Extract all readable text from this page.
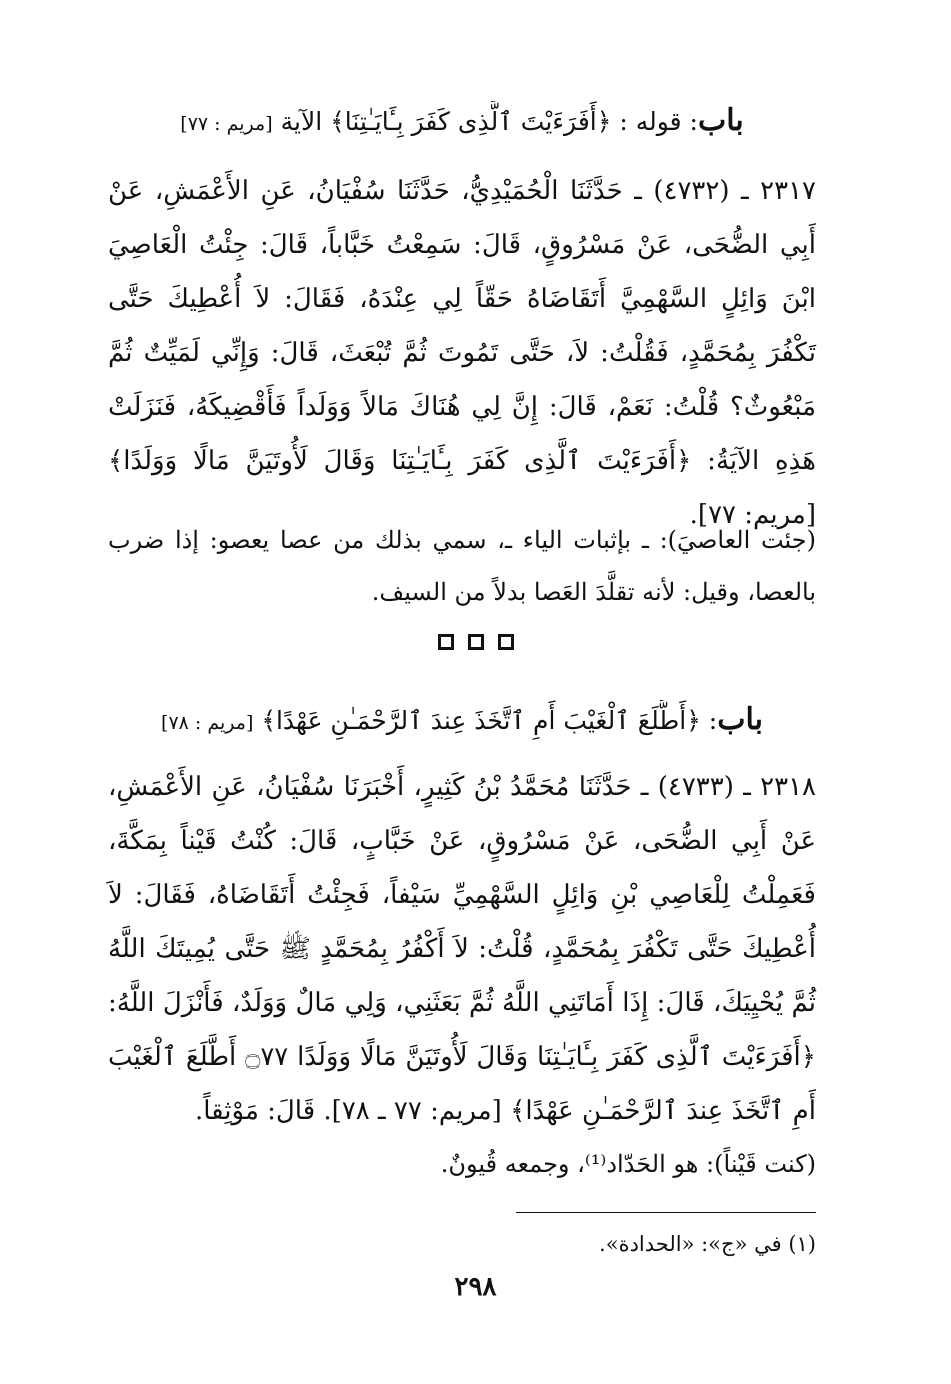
باب: قوله : ﴿أَفَرَءَيْتَ ٱلَّذِى كَفَرَ بِـَٔايَـٰتِنَا﴾ الآية [مريم : ٧٧]
٢٣١٧ ـ (٤٧٣٢) ـ حَدَّثَنَا الْحُمَيْدِيُّ، حَدَّثَنَا سُفْيَانُ، عَنِ الأَعْمَشِ، عَنْ أَبِي الضُّحَى، عَنْ مَسْرُوقٍ، قَالَ: سَمِعْتُ خَبَّاباً، قَالَ: جِئْتُ الْعَاصِيَ ابْنَ وَائِلٍ السَّهْمِيَّ أَتَقَاضَاهُ حَقّاً لِي عِنْدَهُ، فَقَالَ: لاَ أُعْطِيكَ حَتَّى تَكْفُرَ بِمُحَمَّدٍ، فَقُلْتُ: لاَ، حَتَّى تَمُوتَ ثُمَّ تُبْعَثَ، قَالَ: وَإِنِّي لَمَيِّتٌ ثُمَّ مَبْعُوثٌ؟ قُلْتُ: نَعَمْ، قَالَ: إِنَّ لِي هُنَاكَ مَالاً وَوَلَداً فَأَقْضِيكَهُ، فَنَزَلَتْ هَذِهِ الآيَةُ: ﴿أَفَرَءَيْتَ ٱلَّذِى كَفَرَ بِـَٔايَـٰتِنَا وَقَالَ لَأُوتَيَنَّ مَالًا وَوَلَدًا﴾ [مريم: ٧٧].
(جئت العاصيَ): ـ بإثبات الياء ـ، سمي بذلك من عصا يعصو: إذا ضرب بالعصا، وقيل: لأنه تقلَّدَ العَصا بدلاً من السيف.
باب: ﴿أَطَّلَعَ ٱلْغَيْبَ أَمِ ٱتَّخَذَ عِندَ ٱلرَّحْمَـٰنِ عَهْدًا﴾ [مريم : ٧٨]
٢٣١٨ ـ (٤٧٣٣) ـ حَدَّثَنَا مُحَمَّدُ بْنُ كَثِيرٍ، أَخْبَرَنَا سُفْيَانُ، عَنِ الأَعْمَشِ، عَنْ أَبِي الضُّحَى، عَنْ مَسْرُوقٍ، عَنْ خَبَّابٍ، قَالَ: كُنْتُ قَيْناً بِمَكَّةَ، فَعَمِلْتُ لِلْعَاصِي بْنِ وَائِلٍ السَّهْمِيِّ سَيْفاً، فَجِئْتُ أَتَقَاضَاهُ، فَقَالَ: لاَ أُعْطِيكَ حَتَّى تَكْفُرَ بِمُحَمَّدٍ، قُلْتُ: لاَ أَكْفُرُ بِمُحَمَّدٍ ﷺ حَتَّى يُمِيتَكَ اللَّهُ ثُمَّ يُحْيِيَكَ، قَالَ: إِذَا أَمَاتَنِي اللَّهُ ثُمَّ بَعَثَنِي، وَلِي مَالٌ وَوَلَدٌ، فَأَنْزَلَ اللَّهُ: ﴿أَفَرَءَيْتَ ٱلَّذِى كَفَرَ بِـَٔايَـٰتِنَا وَقَالَ لَأُوتَيَنَّ مَالًا وَوَلَدًا ۝٧٧ أَطَّلَعَ ٱلْغَيْبَ أَمِ ٱتَّخَذَ عِندَ ٱلرَّحْمَـٰنِ عَهْدًا﴾ [مريم: ٧٧ ـ ٧٨]. قَالَ: مَوْثِقاً.
(كنت قَيْناً): هو الحَدّاد⁽¹⁾، وجمعه قُيونٌ.
(١) في «ج»: «الحدادة».
٢٩٨
